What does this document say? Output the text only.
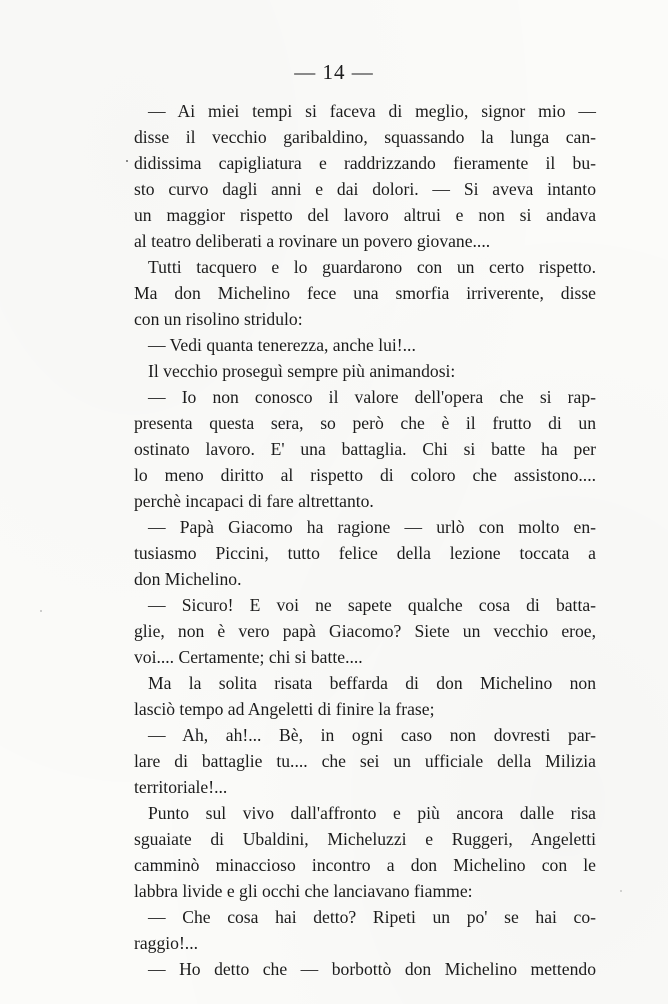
— 14 —
— Ai miei tempi si faceva di meglio, signor mio —
disse il vecchio garibaldino, squassando la lunga can-
didissima capigliatura e raddrizzando fieramente il bu-
sto curvo dagli anni e dai dolori. — Si aveva intanto
un maggior rispetto del lavoro altrui e non si andava
al teatro deliberati a rovinare un povero giovane....
Tutti tacquero e lo guardarono con un certo rispetto.
Ma don Michelino fece una smorfia irriverente, disse
con un risolino stridulo:
— Vedi quanta tenerezza, anche lui!...
Il vecchio proseguì sempre più animandosi:
— Io non conosco il valore dell'opera che si rap-
presenta questa sera, so però che è il frutto di un
ostinato lavoro. E' una battaglia. Chi si batte ha per
lo meno diritto al rispetto di coloro che assistono....
perchè incapaci di fare altrettanto.
— Papà Giacomo ha ragione — urlò con molto en-
tusiasmo Piccini, tutto felice della lezione toccata a
don Michelino.
— Sicuro! E voi ne sapete qualche cosa di batta-
glie, non è vero papà Giacomo? Siete un vecchio eroe,
voi.... Certamente; chi si batte....
Ma la solita risata beffarda di don Michelino non
lasciò tempo ad Angeletti di finire la frase;
— Ah, ah!... Bè, in ogni caso non dovresti par-
lare di battaglie tu.... che sei un ufficiale della Milizia
territoriale!...
Punto sul vivo dall'affronto e più ancora dalle risa
sguaiate di Ubaldini, Micheluzzi e Ruggeri, Angeletti
camminò minaccioso incontro a don Michelino con le
labbra livide e gli occhi che lanciavano fiamme:
— Che cosa hai detto? Ripeti un po' se hai co-
raggio!...
— Ho detto che — borbottò don Michelino mettendo
